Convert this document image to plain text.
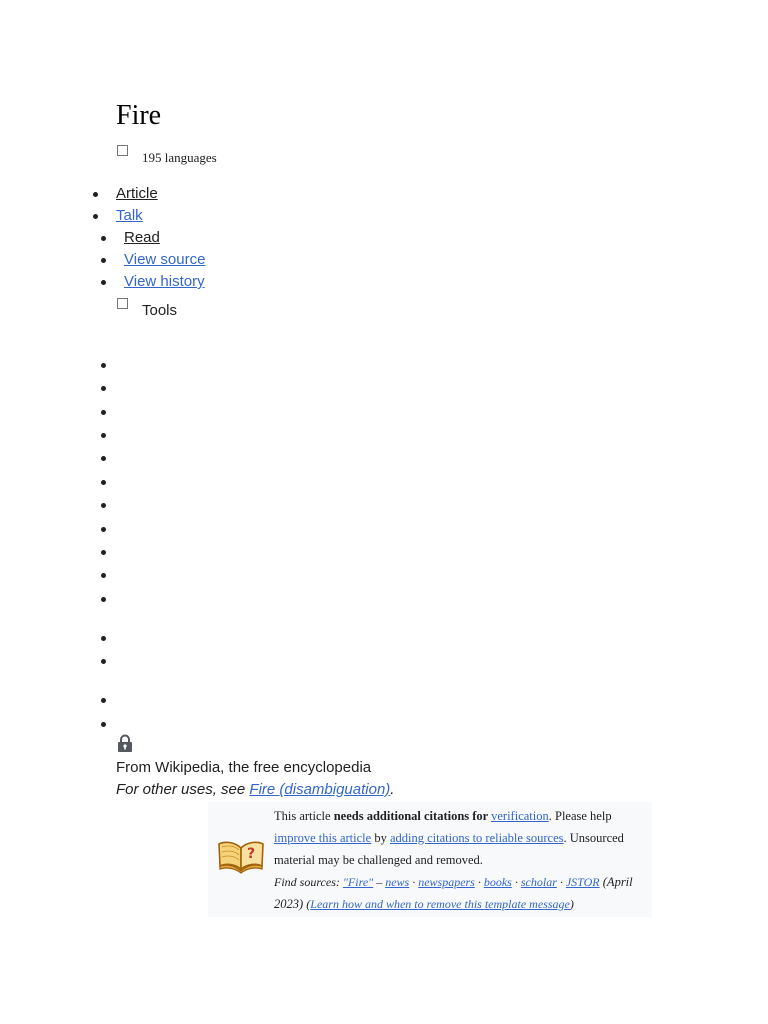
Fire
195 languages
Article
Talk
Read
View source
View history
Tools
From Wikipedia, the free encyclopedia
For other uses, see Fire (disambiguation).
?
This article needs additional citations for verification. Please help improve this article by adding citations to reliable sources. Unsourced material may be challenged and removed.
Find sources: "Fire" – news · newspapers · books · scholar · JSTOR (April 2023) (Learn how and when to remove this template message)
